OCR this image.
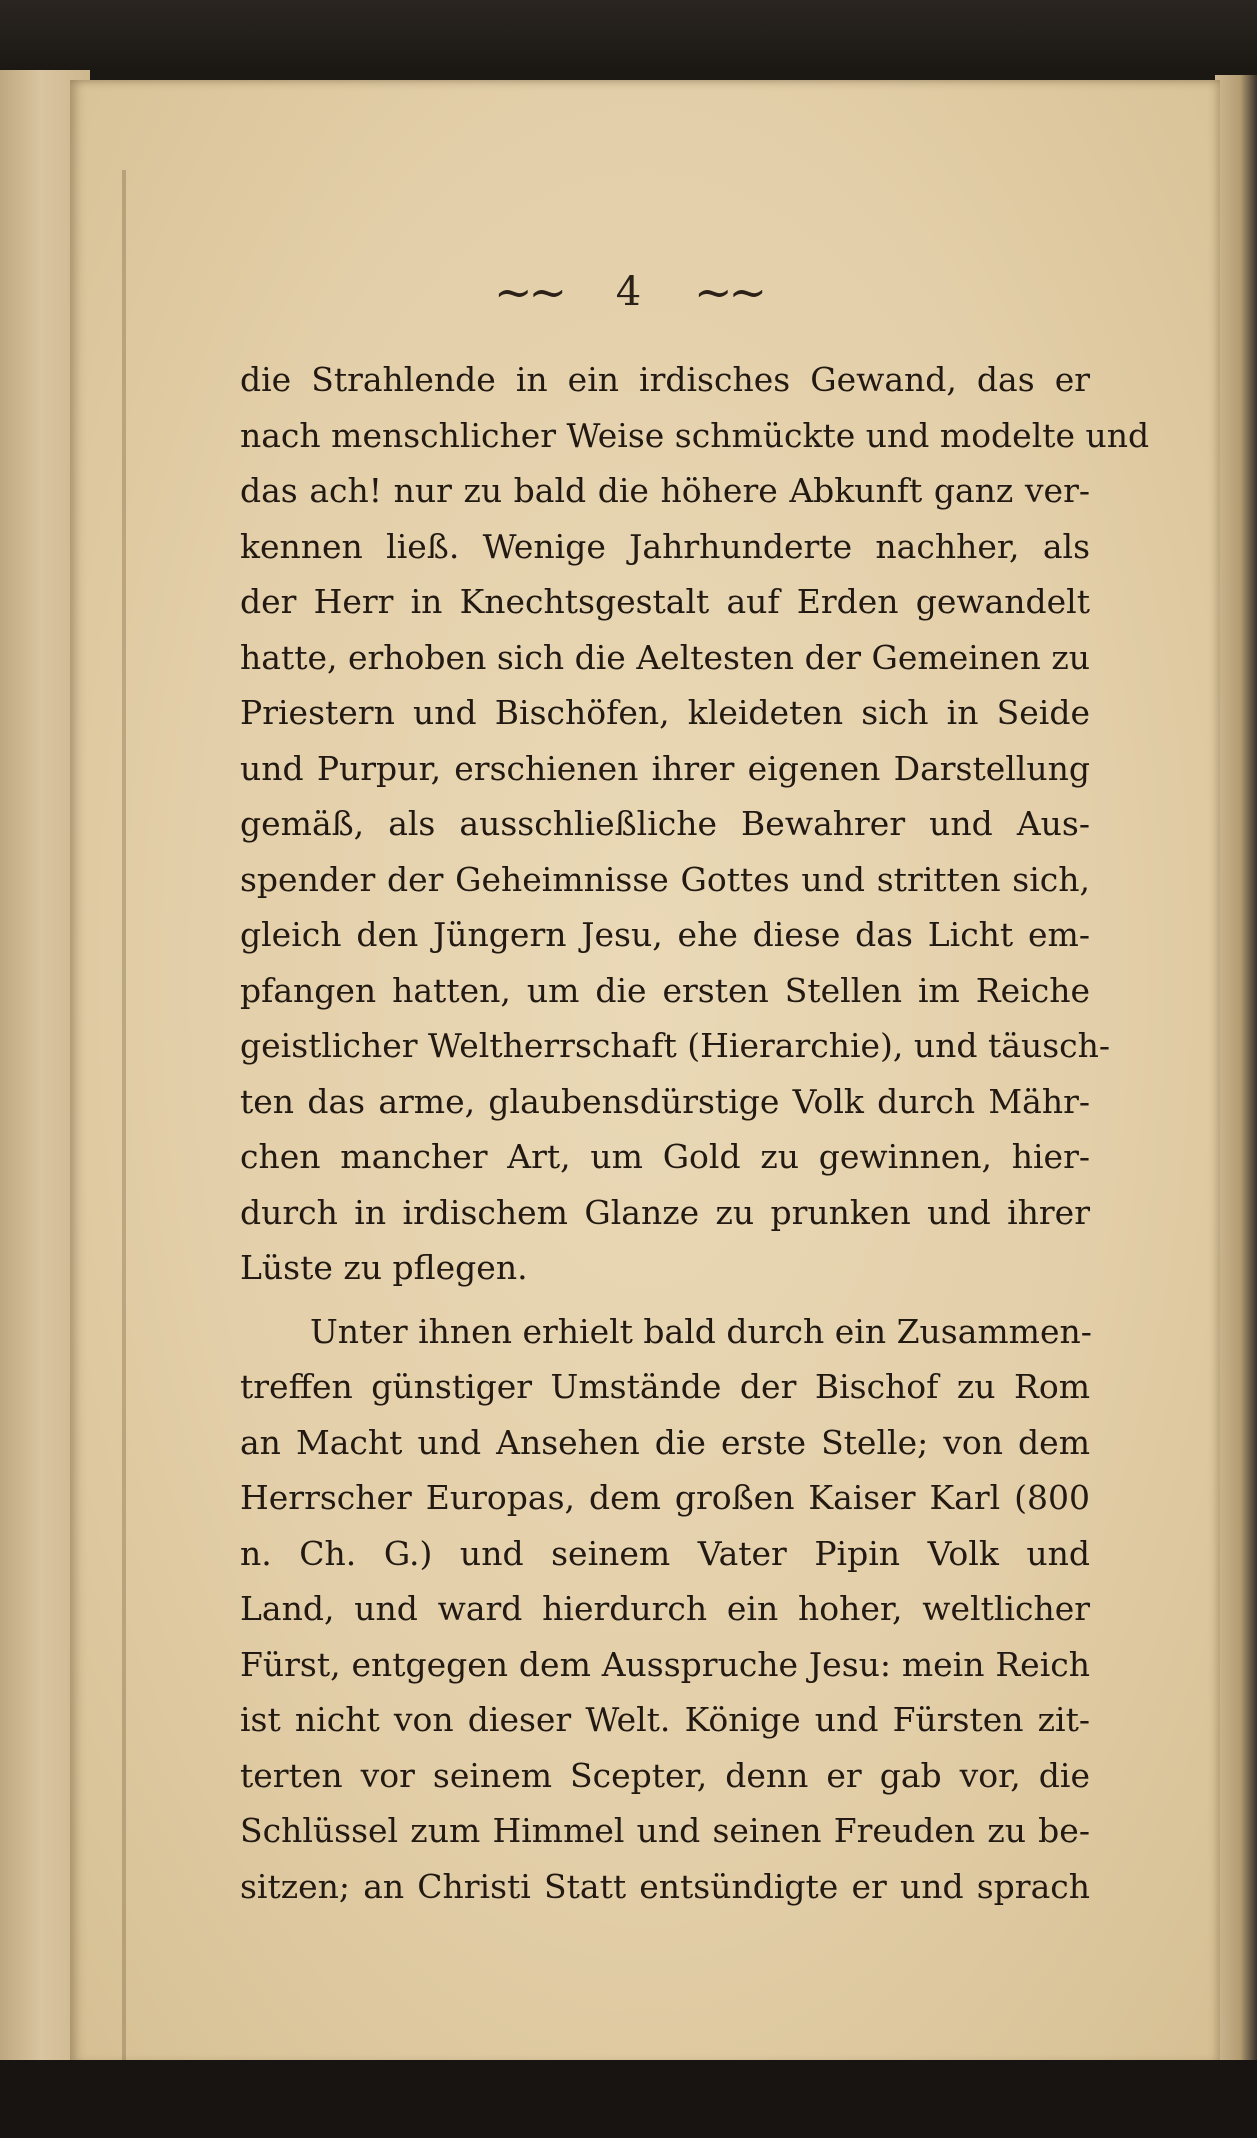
~~ 4 ~~
die Strahlende in ein irdisches Gewand, das er
nach menschlicher Weise schmückte und modelte und
das ach! nur zu bald die höhere Abkunft ganz ver-
kennen ließ. Wenige Jahrhunderte nachher, als
der Herr in Knechtsgestalt auf Erden gewandelt
hatte, erhoben sich die Aeltesten der Gemeinen zu
Priestern und Bischöfen, kleideten sich in Seide
und Purpur, erschienen ihrer eigenen Darstellung
gemäß, als ausschließliche Bewahrer und Aus-
spender der Geheimnisse Gottes und stritten sich,
gleich den Jüngern Jesu, ehe diese das Licht em-
pfangen hatten, um die ersten Stellen im Reiche
geistlicher Weltherrschaft (Hierarchie), und täusch-
ten das arme, glaubensdürstige Volk durch Mähr-
chen mancher Art, um Gold zu gewinnen, hier-
durch in irdischem Glanze zu prunken und ihrer
Lüste zu pflegen.
Unter ihnen erhielt bald durch ein Zusammen-
treffen günstiger Umstände der Bischof zu Rom
an Macht und Ansehen die erste Stelle; von dem
Herrscher Europas, dem großen Kaiser Karl (800
n. Ch. G.) und seinem Vater Pipin Volk und
Land, und ward hierdurch ein hoher, weltlicher
Fürst, entgegen dem Ausspruche Jesu: mein Reich
ist nicht von dieser Welt. Könige und Fürsten zit-
terten vor seinem Scepter, denn er gab vor, die
Schlüssel zum Himmel und seinen Freuden zu be-
sitzen; an Christi Statt entsündigte er und sprach
